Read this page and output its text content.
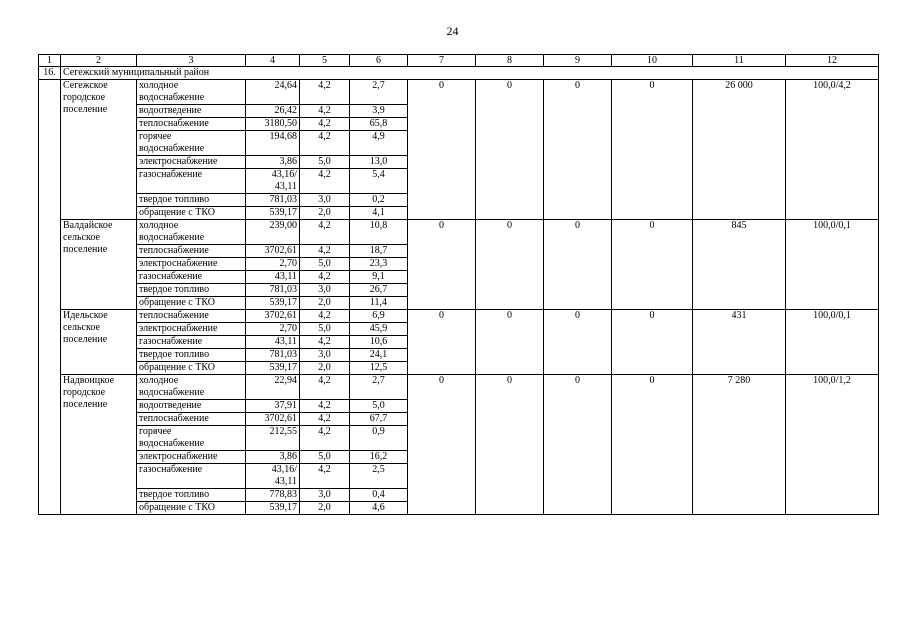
24
1	2	3	4	5	6	7	8	9	10	11	12
16.	Сегежский муниципальный район										
	Сегежское
городское
поселение	холодное
водоснабжение	24,64	4,2	2,7	0	0	0	0	26 000	100,0/4,2
		водоотведение	26,42	4,2	3,9						
		теплоснабжение	3180,50	4,2	65,8						
		горячее
водоснабжение	194,68	4,2	4,9						
		электроснабжение	3,86	5,0	13,0						
		газоснабжение	43,16/
43,11	4,2	5,4						
		твердое топливо	781,03	3,0	0,2						
		обращение с ТКО	539,17	2,0	4,1						
	Валдайское
сельское
поселение	холодное
водоснабжение	239,00	4,2	10,8	0	0	0	0	845	100,0/0,1
		теплоснабжение	3702,61	4,2	18,7						
		электроснабжение	2,70	5,0	23,3						
		газоснабжение	43,11	4,2	9,1						
		твердое топливо	781,03	3,0	26,7						
		обращение с ТКО	539,17	2,0	11,4						
	Идельское
сельское
поселение	теплоснабжение	3702,61	4,2	6,9	0	0	0	0	431	100,0/0,1
		электроснабжение	2,70	5,0	45,9						
		газоснабжение	43,11	4,2	10,6						
		твердое топливо	781,03	3,0	24,1						
		обращение с ТКО	539,17	2,0	12,5						
	Надвоицкое
городское
поселение	холодное
водоснабжение	22,94	4,2	2,7	0	0	0	0	7 280	100,0/1,2
		водоотведение	37,91	4,2	5,0						
		теплоснабжение	3702,61	4,2	67,7						
		горячее
водоснабжение	212,55	4,2	0,9						
		электроснабжение	3,86	5,0	16,2						
		газоснабжение	43,16/
43,11	4,2	2,5						
		твердое топливо	778,83	3,0	0,4						
		обращение с ТКО	539,17	2,0	4,6						
